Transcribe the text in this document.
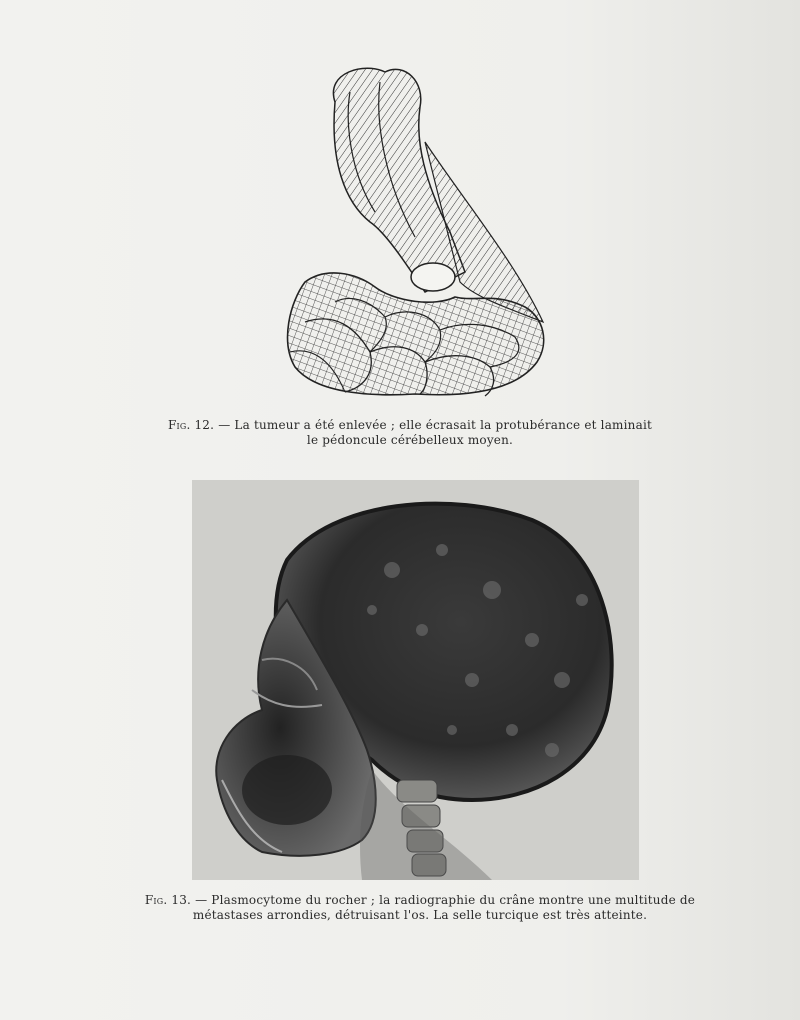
Fig. 12. — La tumeur a été enlevée ; elle écrasait la protubérance et laminait
le pédoncule cérébelleux moyen.
Fig. 13. — Plasmocytome du rocher ; la radiographie du crâne montre une multitude de
métastases arrondies, détruisant l'os. La selle turcique est très atteinte.
